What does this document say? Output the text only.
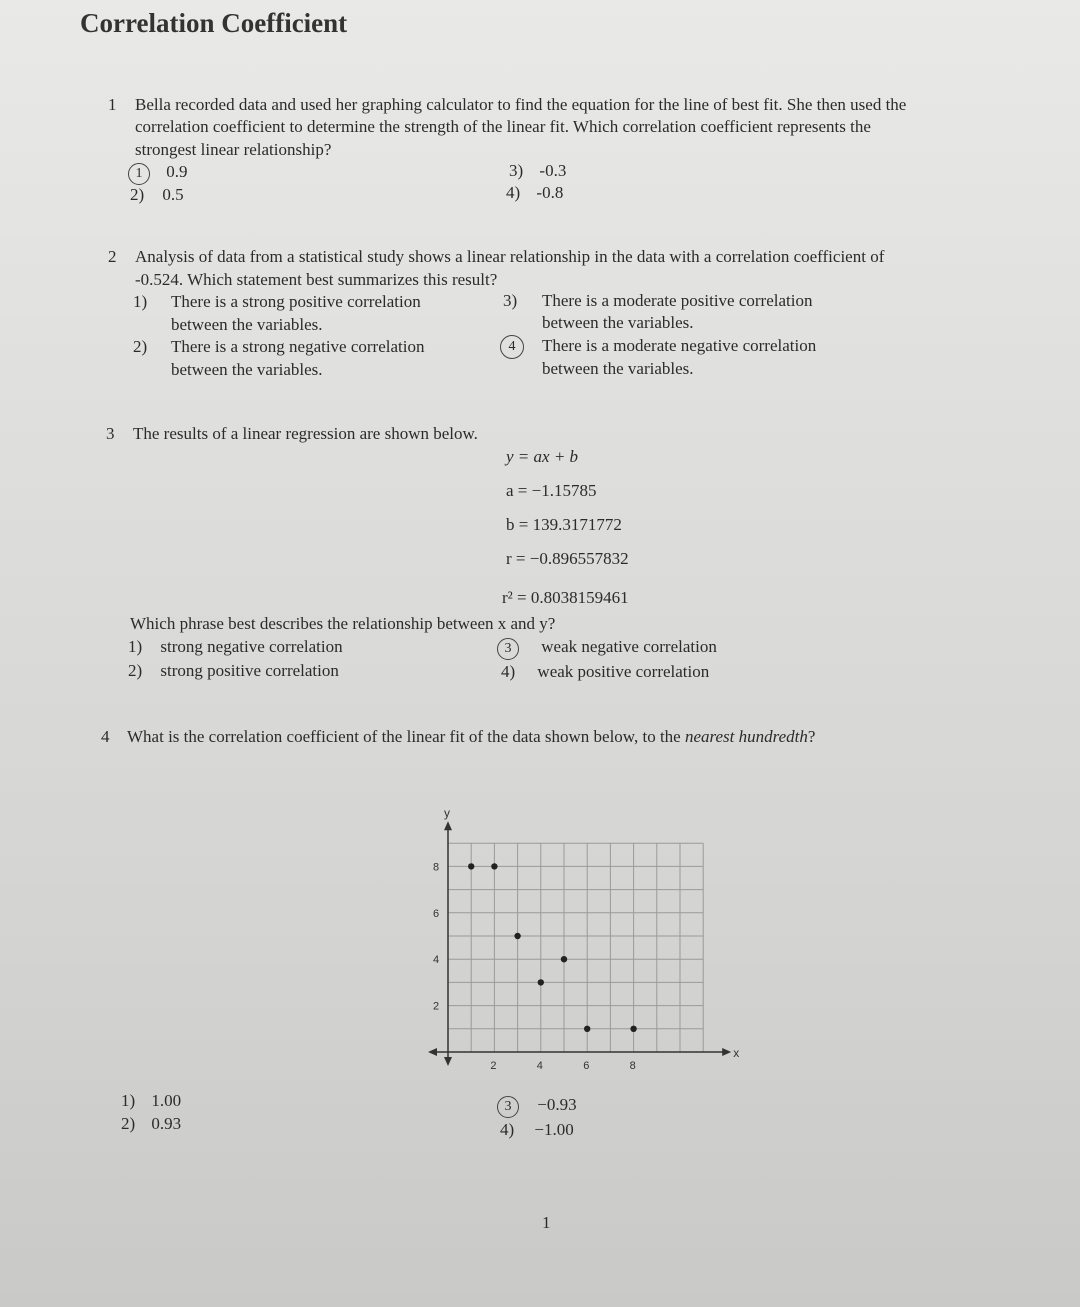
Correlation Coefficient
1 Bella recorded data and used her graphing calculator to find the equation for the line of best fit. She then used the
correlation coefficient to determine the strength of the linear fit. Which correlation coefficient represents the
strongest linear relationship?
1 0.9
2) 0.5
3) -0.3
4) -0.8
2 Analysis of data from a statistical study shows a linear relationship in the data with a correlation coefficient of
-0.524. Which statement best summarizes this result?
1) There is a strong positive correlation
between the variables.
2) There is a strong negative correlation
between the variables.
3) There is a moderate positive correlation
between the variables.
4 There is a moderate negative correlation
between the variables.
3 The results of a linear regression are shown below.
y = ax + b
a = −1.15785
b = 139.3171772
r = −0.896557832
r² = 0.8038159461
Which phrase best describes the relationship between x and y?
1) strong negative correlation
2) strong positive correlation
3 weak negative correlation
4) weak positive correlation
4 What is the correlation coefficient of the linear fit of the data shown below, to the nearest hundredth?
x
y
2	4	6	8
2
4
6
8
1) 1.00
2) 0.93
3 −0.93
4) −1.00
1
